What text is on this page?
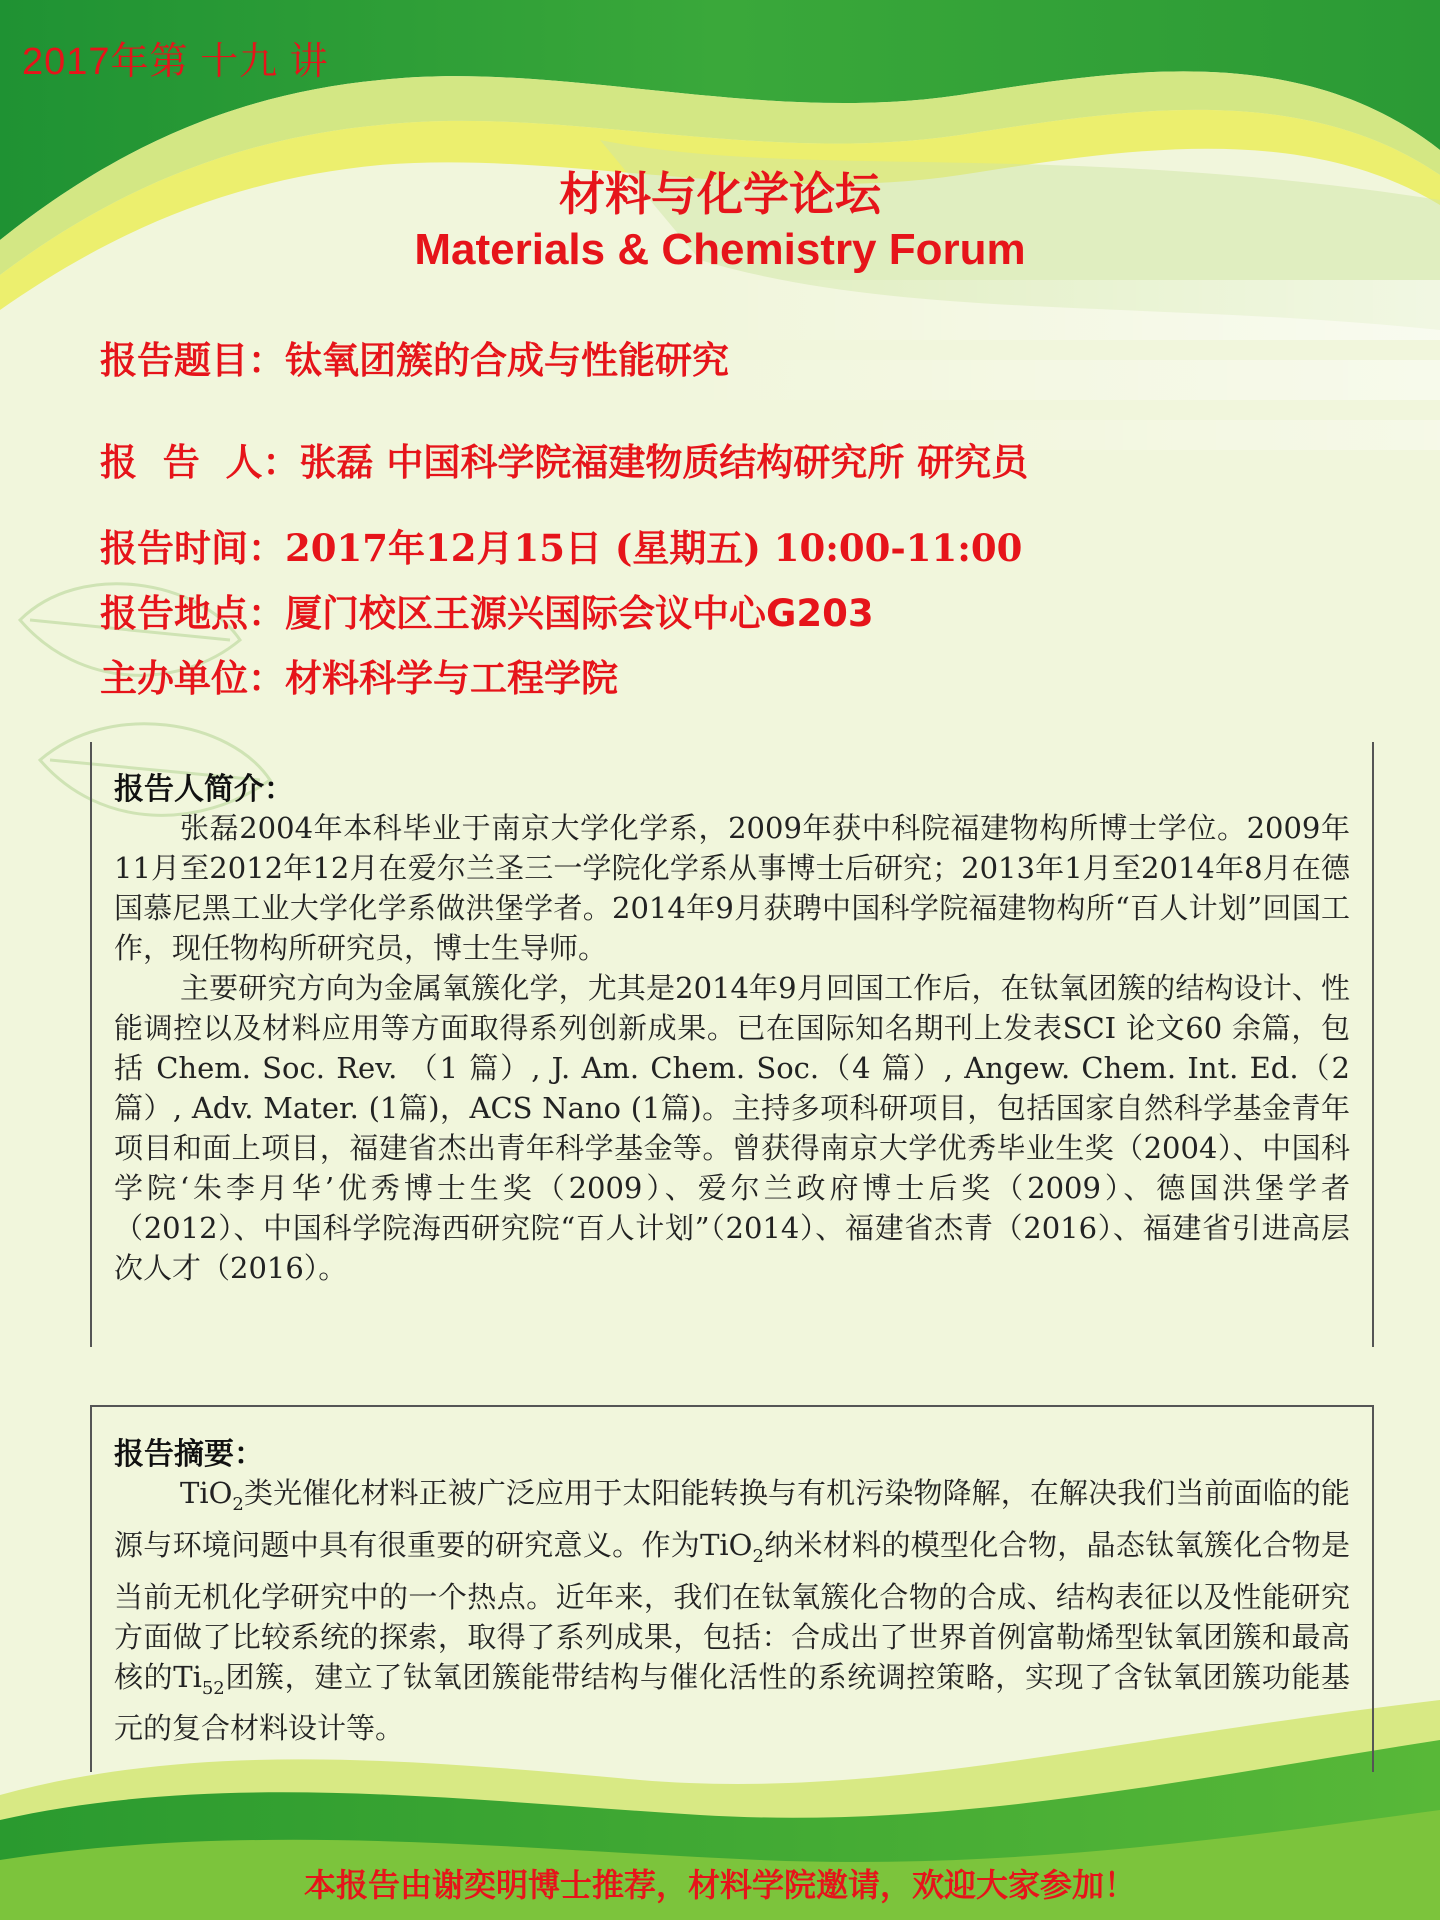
2017年第 十九 讲
材料与化学论坛
Materials & Chemistry Forum
报告题目：钛氧团簇的合成与性能研究
报  告  人：张磊 中国科学院福建物质结构研究所 研究员
报告时间：2017年12月15日 (星期五) 10:00-11:00
报告地点：厦门校区王源兴国际会议中心G203
主办单位：材料科学与工程学院
报告人简介：

张磊2004年本科毕业于南京大学化学系，2009年获中科院福建物构所博士学位。2009年11月至2012年12月在爱尔兰圣三一学院化学系从事博士后研究；2013年1月至2014年8月在德国慕尼黑工业大学化学系做洪堡学者。2014年9月获聘中国科学院福建物构所“百人计划”回国工作，现任物构所研究员，博士生导师。

主要研究方向为金属氧簇化学，尤其是2014年9月回国工作后，在钛氧团簇的结构设计、性能调控以及材料应用等方面取得系列创新成果。已在国际知名期刊上发表SCI 论文60 余篇，包括 Chem. Soc. Rev. （1 篇）, J. Am. Chem. Soc.（4 篇）, Angew. Chem. Int. Ed.（2 篇）, Adv. Mater. (1篇)，ACS Nano (1篇)。主持多项科研项目，包括国家自然科学基金青年项目和面上项目，福建省杰出青年科学基金等。曾获得南京大学优秀毕业生奖（2004）、中国科学院‘朱李月华’优秀博士生奖（2009）、爱尔兰政府博士后奖（2009）、德国洪堡学者（2012）、中国科学院海西研究院“百人计划”（2014）、福建省杰青（2016）、福建省引进高层次人才（2016）。

报告摘要：

TiO$_2$类光催化材料正被广泛应用于太阳能转换与有机污染物降解，在解决我们当前面临的能源与环境问题中具有很重要的研究意义。作为TiO$_2$纳米材料的模型化合物，晶态钛氧簇化合物是当前无机化学研究中的一个热点。近年来，我们在钛氧簇化合物的合成、结构表征以及性能研究方面做了比较系统的探索，取得了系列成果，包括：合成出了世界首例富勒烯型钛氧团簇和最高核的$Ti_{52}$团簇，建立了钛氧团簇能带结构与催化活性的系统调控策略，实现了含钛氧团簇功能基元的复合材料设计等。

本报告由谢奕明博士推荐，材料学院邀请，欢迎大家参加！
